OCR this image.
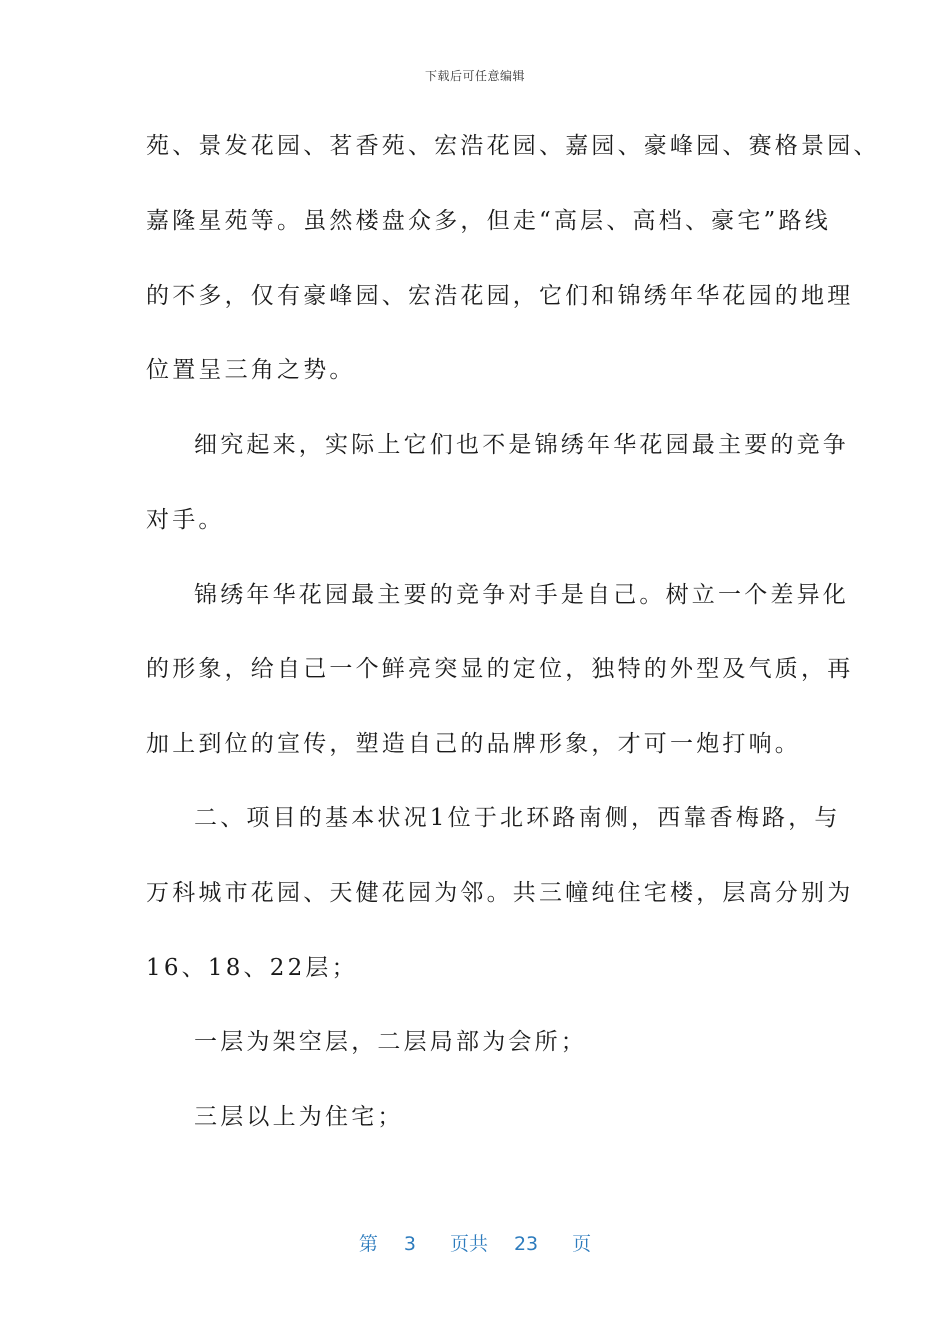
下载后可任意编辑
苑、景发花园、茗香苑、宏浩花园、嘉园、豪峰园、赛格景园、
嘉隆星苑等。虽然楼盘众多，但走“高层、高档、豪宅”路线
的不多，仅有豪峰园、宏浩花园，它们和锦绣年华花园的地理
位置呈三角之势。
细究起来，实际上它们也不是锦绣年华花园最主要的竞争
对手。
锦绣年华花园最主要的竞争对手是自己。树立一个差异化
的形象，给自己一个鲜亮突显的定位，独特的外型及气质，再
加上到位的宣传，塑造自己的品牌形象，才可一炮打响。
二、项目的基本状况1位于北环路南侧，西靠香梅路，与
万科城市花园、天健花园为邻。共三幢纯住宅楼，层高分别为
16、18、22层；
一层为架空层，二层局部为会所；
三层以上为住宅；
第 3 页共 23 页
